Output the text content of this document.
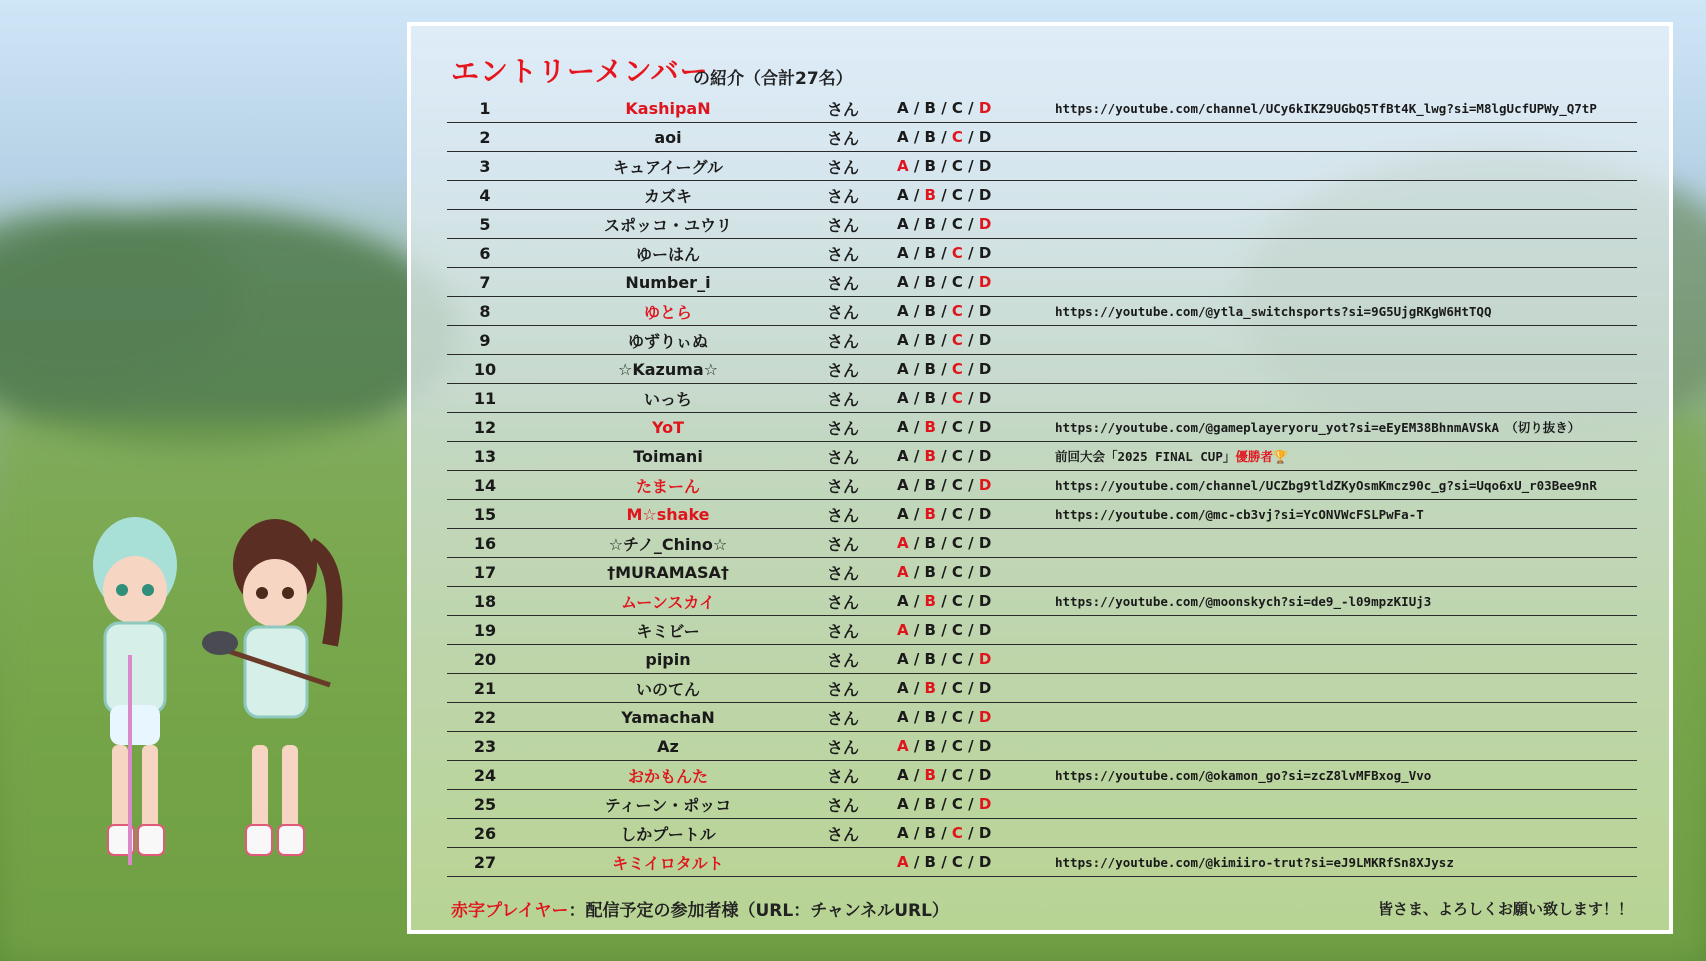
エントリーメンバー
の紹介（合計27名）
1	KashipaN	さん	A / B / C / D	https://youtube.com/channel/UCy6kIKZ9UGbQ5TfBt4K_lwg?si=M8lgUcfUPWy_Q7tP
2	aoi	さん	A / B / C / D	
3	キュアイーグル	さん	A / B / C / D	
4	カズキ	さん	A / B / C / D	
5	スポッコ・ユウリ	さん	A / B / C / D	
6	ゆーはん	さん	A / B / C / D	
7	Number_i	さん	A / B / C / D	
8	ゆとら	さん	A / B / C / D	https://youtube.com/@ytla_switchsports?si=9G5UjgRKgW6HtTQQ
9	ゆずりぃぬ	さん	A / B / C / D	
10	☆Kazuma☆	さん	A / B / C / D	
11	いっち	さん	A / B / C / D	
12	YoT	さん	A / B / C / D	https://youtube.com/@gameplayeryoru_yot?si=eEyEM38BhnmAVSkA　（切り抜き）
13	Toimani	さん	A / B / C / D	前回大会「2025 FINAL CUP」優勝者🏆
14	たまーん	さん	A / B / C / D	https://youtube.com/channel/UCZbg9tldZKyOsmKmcz90c_g?si=Uqo6xU_r03Bee9nR
15	M☆shake	さん	A / B / C / D	https://youtube.com/@mc-cb3vj?si=YcONVWcFSLPwFa-T
16	☆チノ_Chino☆	さん	A / B / C / D	
17	†MURAMASA†	さん	A / B / C / D	
18	ムーンスカイ	さん	A / B / C / D	https://youtube.com/@moonskych?si=de9_-l09mpzKIUj3
19	キミビー	さん	A / B / C / D	
20	pipin	さん	A / B / C / D	
21	いのてん	さん	A / B / C / D	
22	YamachaN	さん	A / B / C / D	
23	Az	さん	A / B / C / D	
24	おかもんた	さん	A / B / C / D	https://youtube.com/@okamon_go?si=zcZ8lvMFBxog_Vvo
25	ティーン・ポッコ	さん	A / B / C / D	
26	しかプートル	さん	A / B / C / D	
27	キミイロタルト		A / B / C / D	https://youtube.com/@kimiiro-trut?si=eJ9LMKRfSn8XJysz
赤字プレイヤー：配信予定の参加者様（URL：チャンネルURL）	皆さま、よろしくお願い致します！！
